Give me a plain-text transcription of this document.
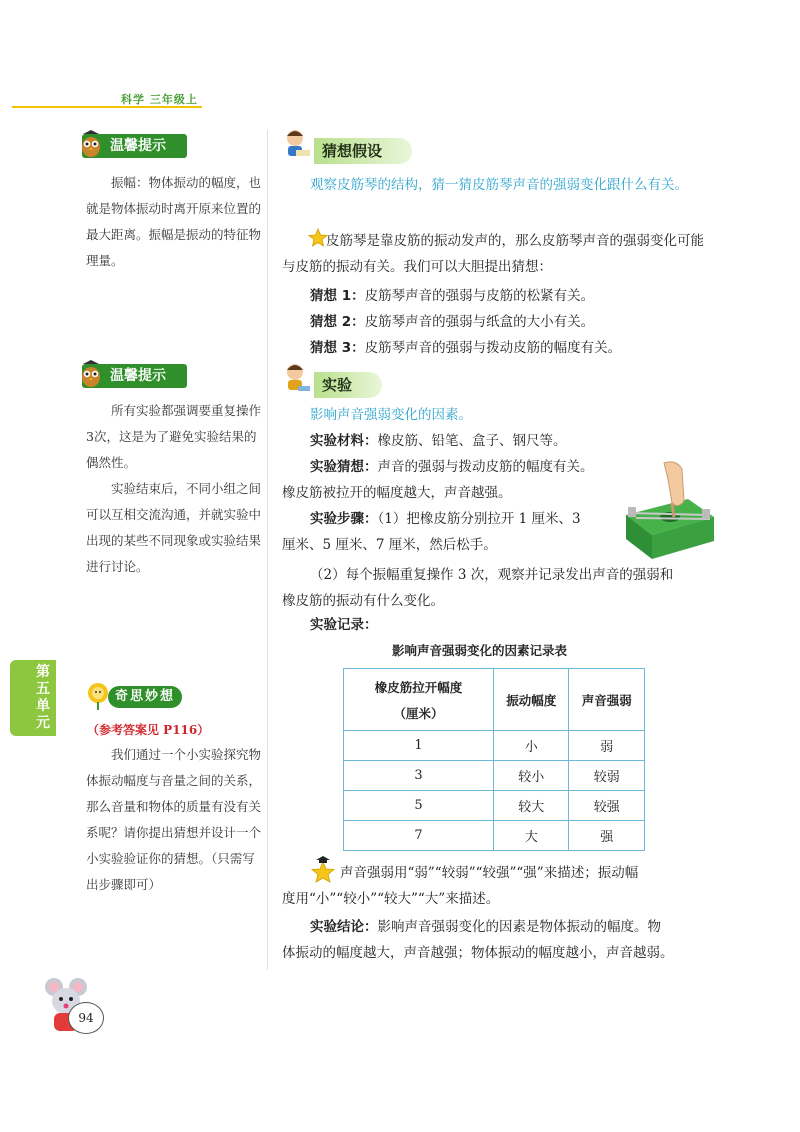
科学 三年级上
温馨提示
振幅：物体振动的幅度，也就是物体振动时离开原来位置的最大距离。振幅是振动的特征物理量。
温馨提示
所有实验都强调要重复操作3次，这是为了避免实验结果的偶然性。
实验结束后，不同小组之间可以互相交流沟通，并就实验中出现的某些不同现象或实验结果进行讨论。
第五单元
奇思妙想
（参考答案见 P116）
我们通过一个小实验探究物体振动幅度与音量之间的关系，那么音量和物体的质量有没有关系呢？请你提出猜想并设计一个小实验验证你的猜想。（只需写出步骤即可）
94
猜想假设
观察皮筋琴的结构，猜一猜皮筋琴声音的强弱变化跟什么有关。
皮筋琴是靠皮筋的振动发声的，那么皮筋琴声音的强弱变化可能与皮筋的振动有关。我们可以大胆提出猜想：
猜想 1：皮筋琴声音的强弱与皮筋的松紧有关。
猜想 2：皮筋琴声音的强弱与纸盒的大小有关。
猜想 3：皮筋琴声音的强弱与拨动皮筋的幅度有关。
实验
影响声音强弱变化的因素。
实验材料：橡皮筋、铅笔、盒子、钢尺等。
实验猜想：声音的强弱与拨动皮筋的幅度有关。
橡皮筋被拉开的幅度越大，声音越强。
实验步骤：（1）把橡皮筋分别拉开 1 厘米、3
厘米、5 厘米、7 厘米，然后松手。
（2）每个振幅重复操作 3 次，观察并记录发出声音的强弱和
橡皮筋的振动有什么变化。
实验记录：
影响声音强弱变化的因素记录表
橡皮筋拉开幅度
（厘米）	振动幅度	声音强弱
1	小	弱
3	较小	较弱
5	较大	较强
7	大	强
声音强弱用“弱”“较弱”“较强”“强”来描述；振动幅
度用“小”“较小”“较大”“大”来描述。
实验结论：影响声音强弱变化的因素是物体振动的幅度。物
体振动的幅度越大，声音越强；物体振动的幅度越小，声音越弱。
